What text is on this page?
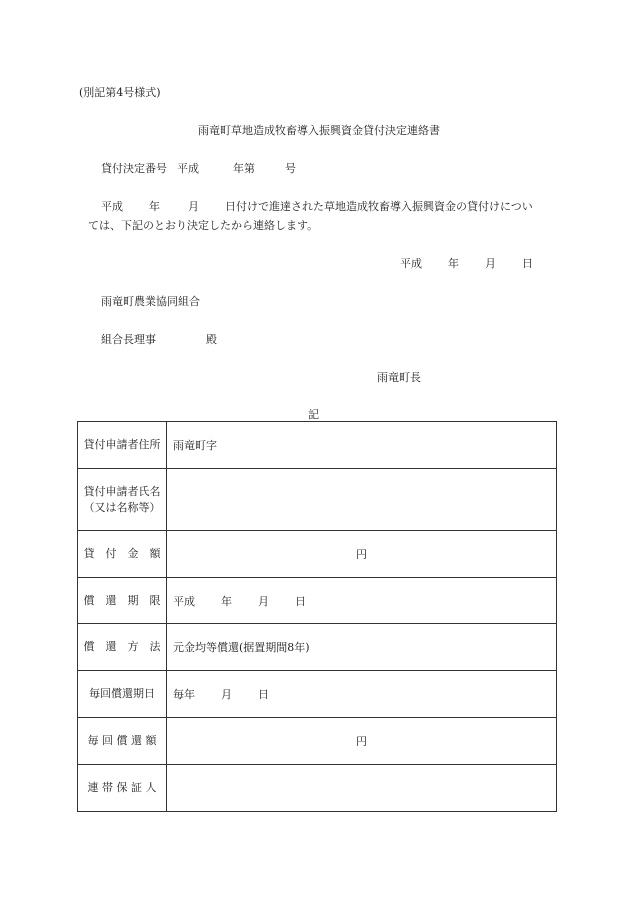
(別記第4号様式)
雨竜町草地造成牧畜導入振興資金貸付決定連絡書
貸付決定番号 平成	年第	号
平成 年	月 日付けで進達された草地造成牧畜導入振興資金の貸付けについ
ては、下記のとおり決定したから連絡します。
平成 年 月 日
雨竜町農業協同組合
組合長理事	殿
雨竜町長
記
貸付申請者住所	雨竜町字

貸付申請者氏名
（又は名称等）	

貸　付　金　額	円
償　還　期　限	平成 年 月 日
償　還　方　法	元金均等償還(据置期間8年)
毎回償還期日	毎年 月 日
毎 回 償 還 額	円
連 帯 保 証 人	
